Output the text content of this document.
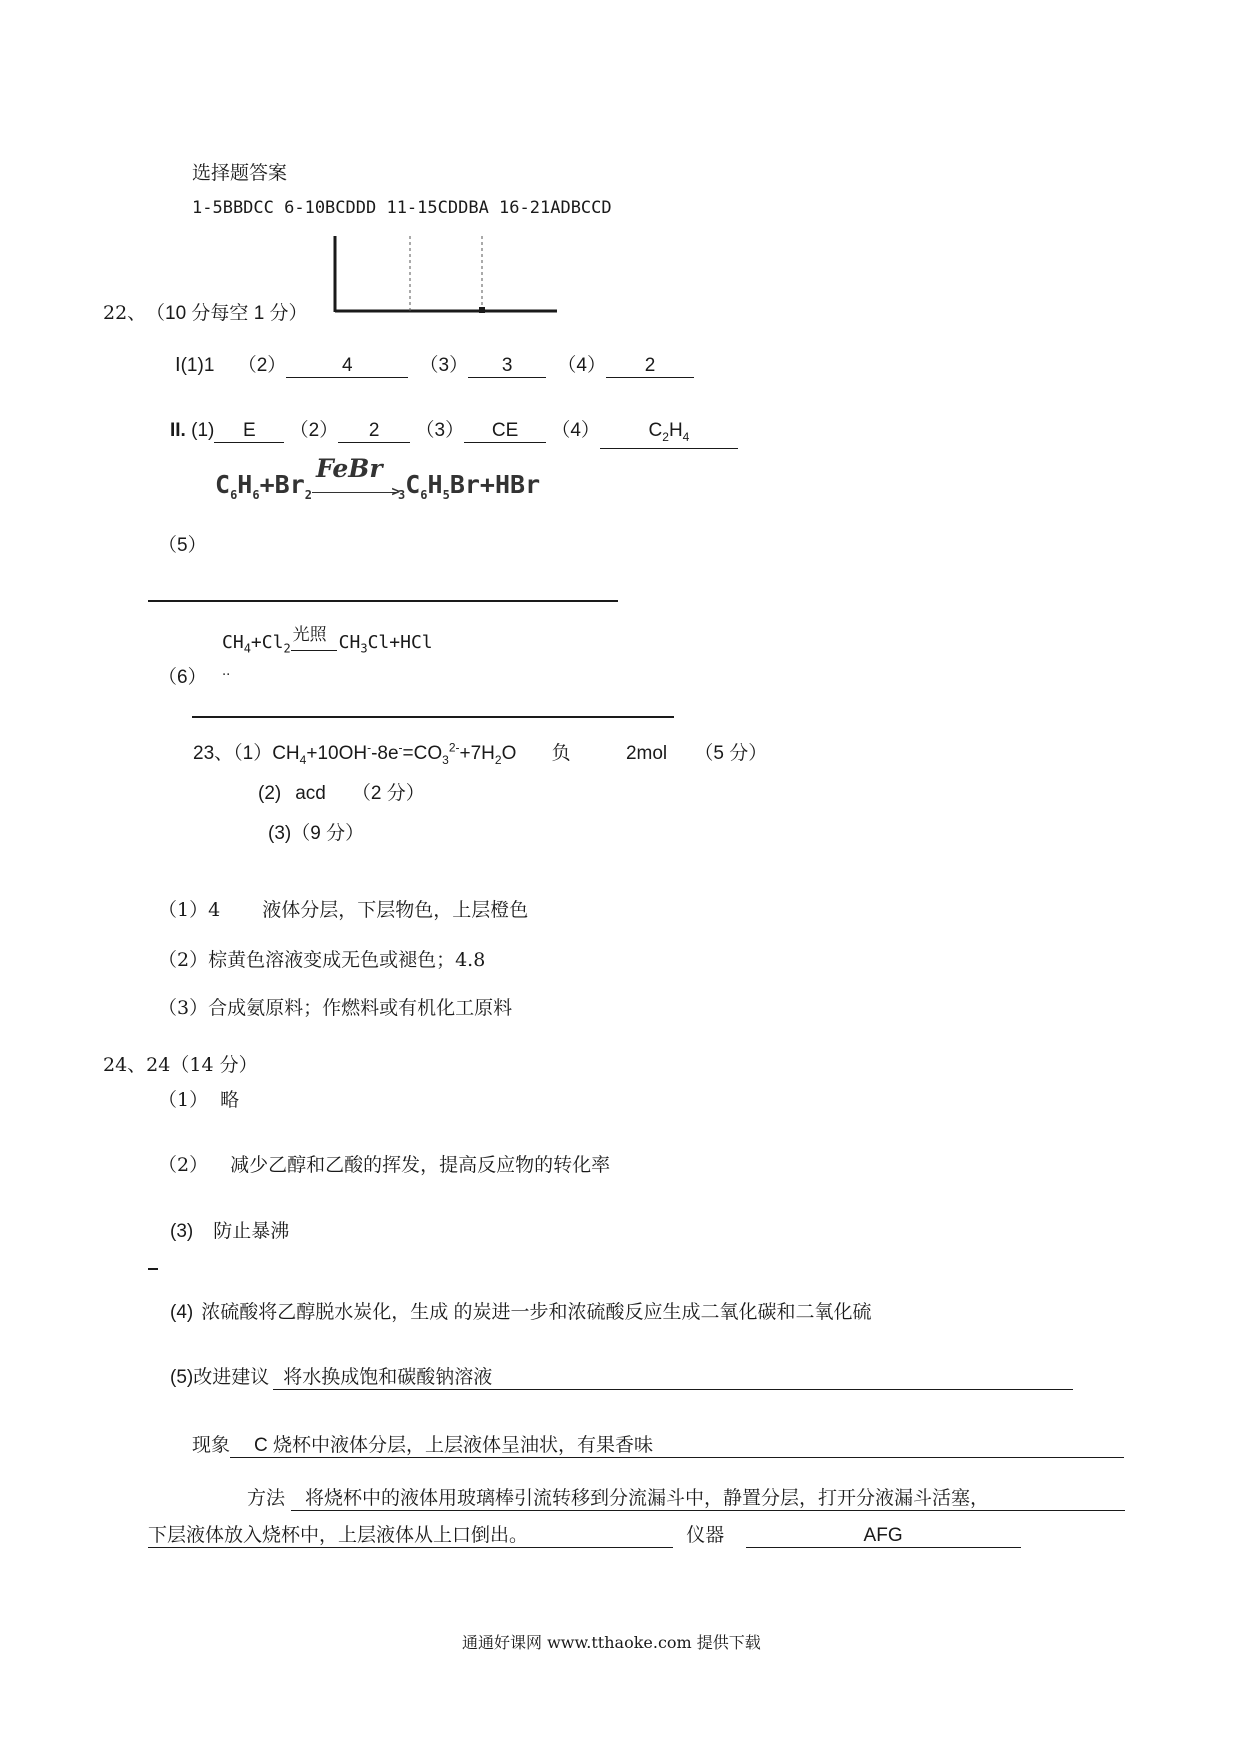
选择题答案
1-5BBDCC 6-10BCDDD 11-15CDDBA 16-21ADBCCD
22、 （10 分每空 1 分）
Ⅰ(1)1 （2）	4	（3） 3 （4） 2
II. (1) E （2） 2 （3） CE （4）	$C_2H_4$
$C_6H_6+Br_2$
FeBr
>
$_3C_6H_5Br+HBr$
（5）
$CH_4+Cl_2$
光照 $CH_3Cl+HCl$
（6） ..
23、$(1)CH_4+10OH^--8e^-=CO_3^{2-}+7H_2O$ 负	2mol （5 分）
(2) acd （2 分）
(3)（9 分）
（1）4 液体分层，下层物色，上层橙色
（2）棕黄色溶液变成无色或褪色；4.8
（3）合成氨原料；作燃料或有机化工原料
24、24（14 分）
（1） 略
（2） 减少乙醇和乙酸的挥发，提高反应物的转化率
(3) 防止暴沸
(4) 浓硫酸将乙醇脱水炭化，生成 的炭进一步和浓硫酸反应生成二氧化碳和二氧化硫
(5)改进建议 将水换成饱和碳酸钠溶液
现象 C 烧杯中液体分层，上层液体呈油状，有果香味
方法 将烧杯中的液体用玻璃棒引流转移到分流漏斗中，静置分层，打开分液漏斗活塞，
下层液体放入烧杯中，上层液体从上口倒出。	仪器	AFG
通通好课网 www.tthaoke.com 提供下载
